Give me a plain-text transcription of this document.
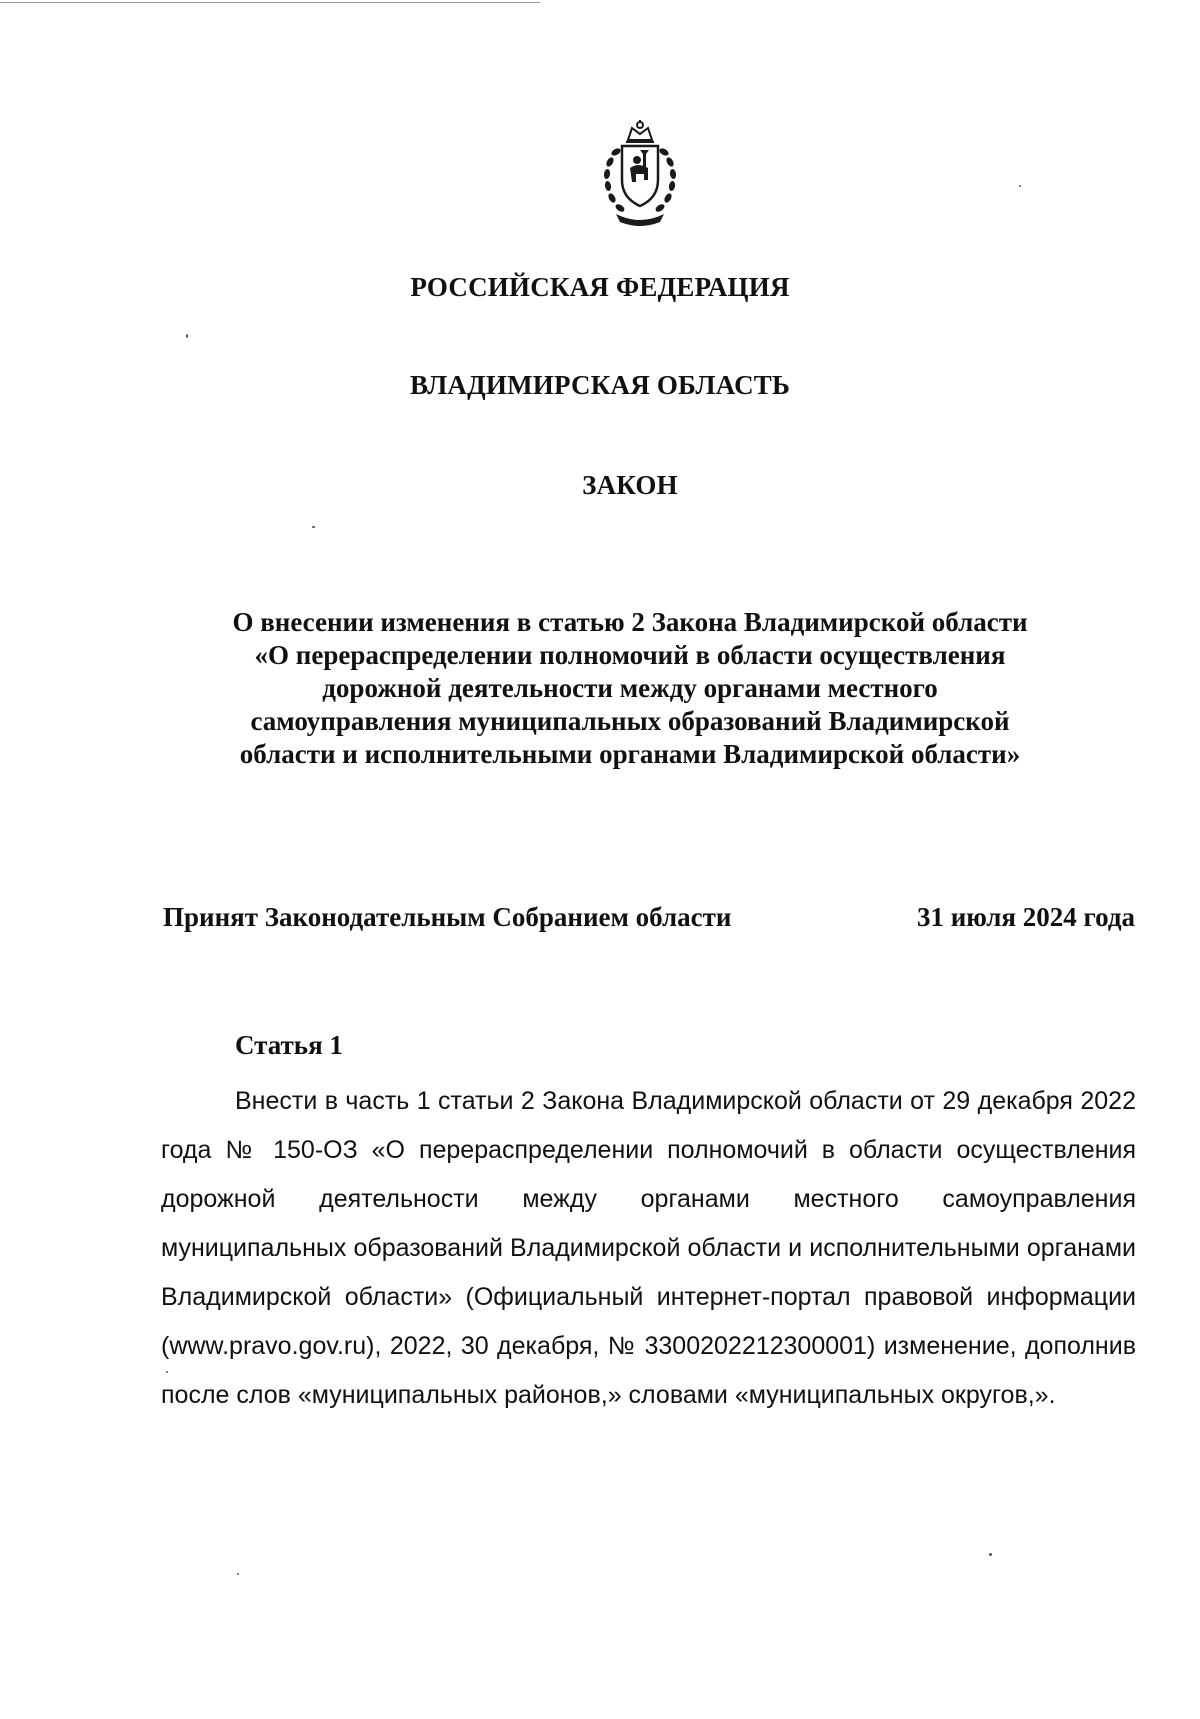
РОССИЙСКАЯ ФЕДЕРАЦИЯ
ВЛАДИМИРСКАЯ ОБЛАСТЬ
ЗАКОН

О внесении изменения в статью 2 Закона Владимирской области «О перераспределении полномочий в области осуществления дорожной деятельности между органами местного самоуправления муниципальных образований Владимирской области и исполнительными органами Владимирской области»

Принят Законодательным Собранием области	31 июля 2024 года
Статья 1

Внести в часть 1 статьи 2 Закона Владимирской области от 29 декабря 2022 года № 150-ОЗ «О перераспределении полномочий в области осуществления дорожной деятельности между органами местного самоуправления муниципальных образований Владимирской области и исполнительными органами Владимирской области» (Официальный интернет-портал правовой информации (www.pravo.gov.ru), 2022, 30 декабря, № 3300202212300001) изменение, дополнив после слов «муниципальных районов,» словами «муниципальных округов,».
